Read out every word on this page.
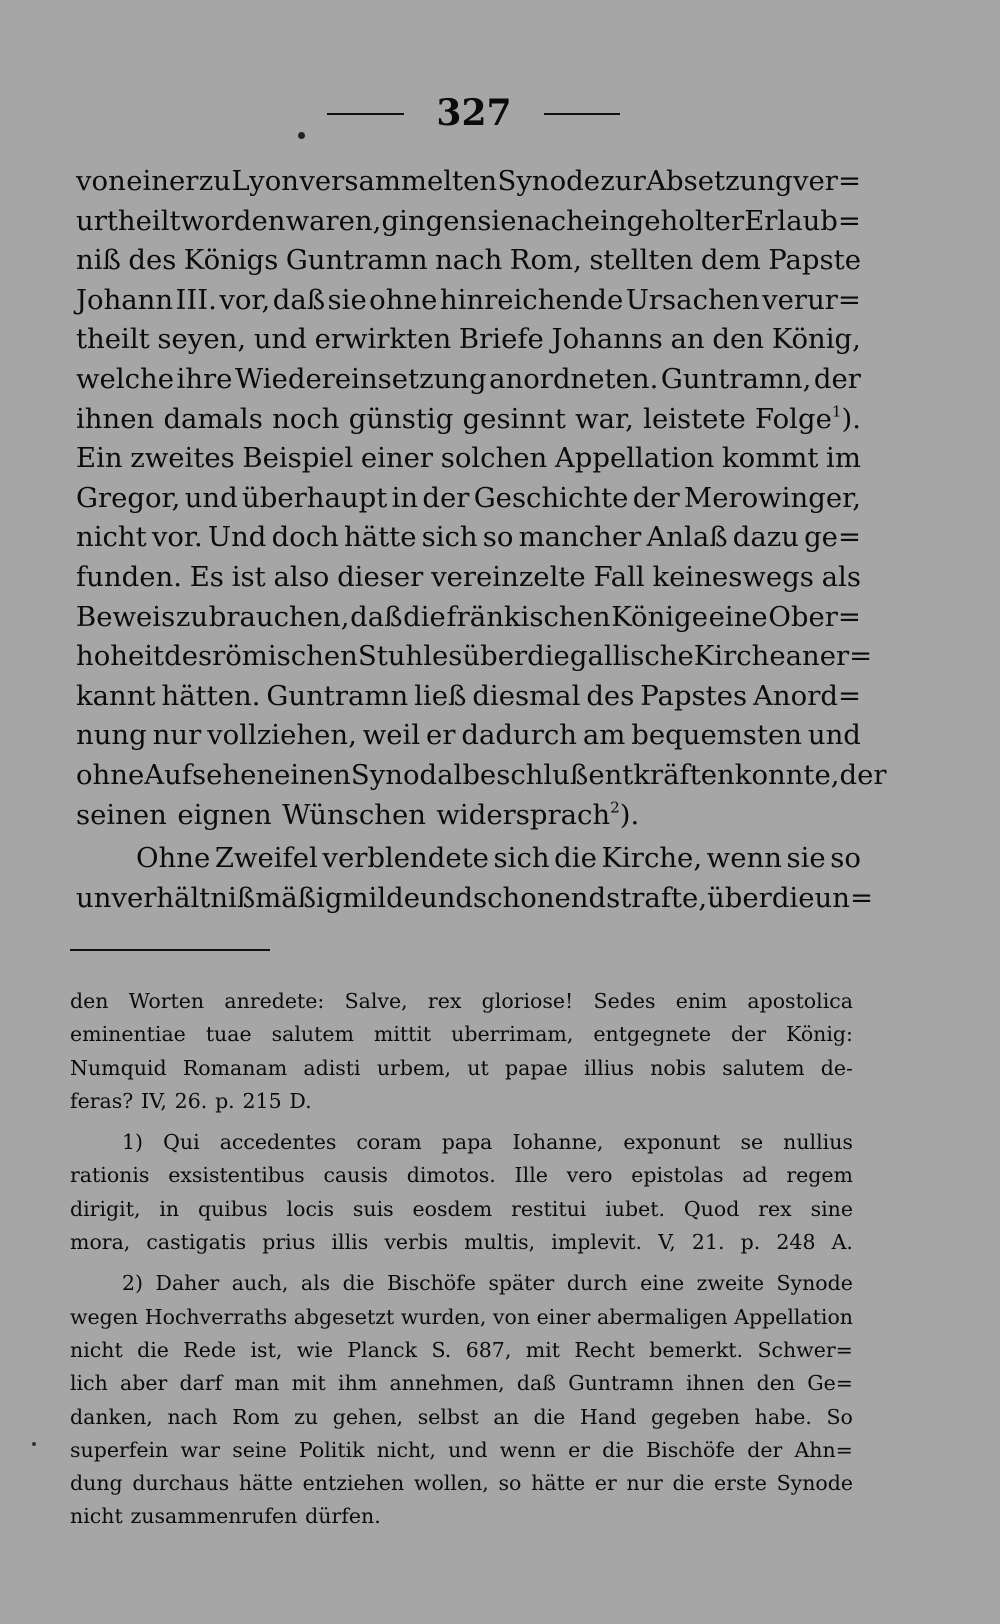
327
von einer zu Lyon versammelten Synode zur Absetzung ver=
urtheilt worden waren, gingen sie nach eingeholter Erlaub=
niß des Königs Guntramn nach Rom, stellten dem Papste
Johann III. vor, daß sie ohne hinreichende Ursachen verur=
theilt seyen, und erwirkten Briefe Johanns an den König,
welche ihre Wiedereinsetzung anordneten. Guntramn, der
ihnen damals noch günstig gesinnt war, leistete Folge$^1$).
Ein zweites Beispiel einer solchen Appellation kommt im
Gregor, und überhaupt in der Geschichte der Merowinger,
nicht vor. Und doch hätte sich so mancher Anlaß dazu ge=
funden. Es ist also dieser vereinzelte Fall keineswegs als
Beweis zu brauchen, daß die fränkischen Könige eine Ober=
hoheit des römischen Stuhles über die gallische Kirche aner=
kannt hätten. Guntramn ließ diesmal des Papstes Anord=
nung nur vollziehen, weil er dadurch am bequemsten und
ohne Aufsehen einen Synodalbeschluß entkräften konnte, der
seinen eignen Wünschen widersprach$^2$).
Ohne Zweifel verblendete sich die Kirche, wenn sie so
unverhältnißmäßig milde und schonend strafte, über die un=
den Worten anredete: Salve, rex gloriose! Sedes enim apostolica
eminentiae tuae salutem mittit uberrimam, entgegnete der König:
Numquid Romanam adisti urbem, ut papae illius nobis salutem de-
feras? IV, 26. p. 215 D.
1) Qui accedentes coram papa Iohanne, exponunt se nullius
rationis exsistentibus causis dimotos. Ille vero epistolas ad regem
dirigit, in quibus locis suis eosdem restitui iubet. Quod rex sine
mora, castigatis prius illis verbis multis, implevit. V, 21. p. 248 A.
2) Daher auch, als die Bischöfe später durch eine zweite Synode
wegen Hochverraths abgesetzt wurden, von einer abermaligen Appellation
nicht die Rede ist, wie Planck S. 687, mit Recht bemerkt. Schwer=
lich aber darf man mit ihm annehmen, daß Guntramn ihnen den Ge=
danken, nach Rom zu gehen, selbst an die Hand gegeben habe. So
superfein war seine Politik nicht, und wenn er die Bischöfe der Ahn=
dung durchaus hätte entziehen wollen, so hätte er nur die erste Synode
nicht zusammenrufen dürfen.
